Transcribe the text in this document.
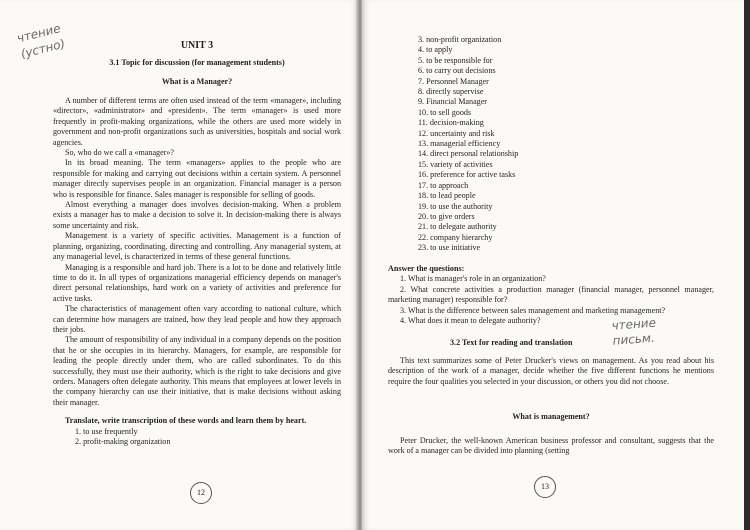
чтение (устно)	UNIT 3
3.1 Topic for discussion (for management students)
What is a Manager?

A number of different terms are often used instead of the term «manager», including «director», «administrator» and «president». The term «manager» is used more frequently in profit-making organizations, while the others are used more widely in government and non-profit organizations such as universities, hospitals and social work agencies.

So, who do we call a «manager»?

In its broad meaning. The term «managers» applies to the people who are responsible for making and carrying out decisions within a certain system. A personnel manager directly supervises people in an organization. Financial manager is a person who is responsible for finance. Sales manager is responsible for selling of goods.

Almost everything a manager does involves decision-making. When a problem exists a manager has to make a decision to solve it. In decision-making there is always some uncertainty and risk.

Management is a variety of specific activities. Management is a function of planning, organizing, coordinating, directing and controlling. Any managerial system, at any managerial level, is characterized in terms of these general functions.

Managing is a responsible and hard job. There is a lot to be done and relatively little time to do it. In all types of organizations managerial efficiency depends on manager's direct personal relationships, hard work on a variety of activities and preference for active tasks.

The characteristics of management often vary according to national culture, which can determine how managers are trained, how they lead people and how they approach their jobs.

The amount of responsibility of any individual in a company depends on the position that he or she occupies in its hierarchy. Managers, for example, are responsible for leading the people directly under them, who are called subordinates. To do this successfully, they must use their authority, which is the right to take decisions and give orders. Managers often delegate authority. This means that employees at lower levels in the company hierarchy can use their initiative, that is make decisions without asking their manager.

Translate, write transcription of these words and learn them by heart.

1. to use frequently
2. profit-making organization
12
3. non-profit organization
4. to apply
5. to be responsible for
6. to carry out decisions
7. Personnel Manager
8. directly supervise
9. Financial Manager
10. to sell goods
11. decision-making
12. uncertainty and risk
13. managerial efficiency
14. direct personal relationship
15. variety of activities
16. preference for active tasks
17. to approach
18. to lead people
19. to use the authority
20. to give orders
21. to delegate authority
22. company hierarchy
23. to use initiative

Answer the questions:

1. What is manager's role in an organization?

2. What concrete activities a production manager (financial manager, personnel manager, marketing manager) responsible for?

3. What is the difference between sales management and marketing management?

4. What does it mean to delegate authority?	чтение письм.
3.2 Text for reading and translation

This text summarizes some of Peter Drucker's views on management. As you read about his description of the work of a manager, decide whether the five different functions he mentions require the four qualities you selected in your discussion, or others you did not choose.

What is management?

Peter Drucker, the well-known American business professor and consultant, suggests that the work of a manager can be divided into planning (setting

13
